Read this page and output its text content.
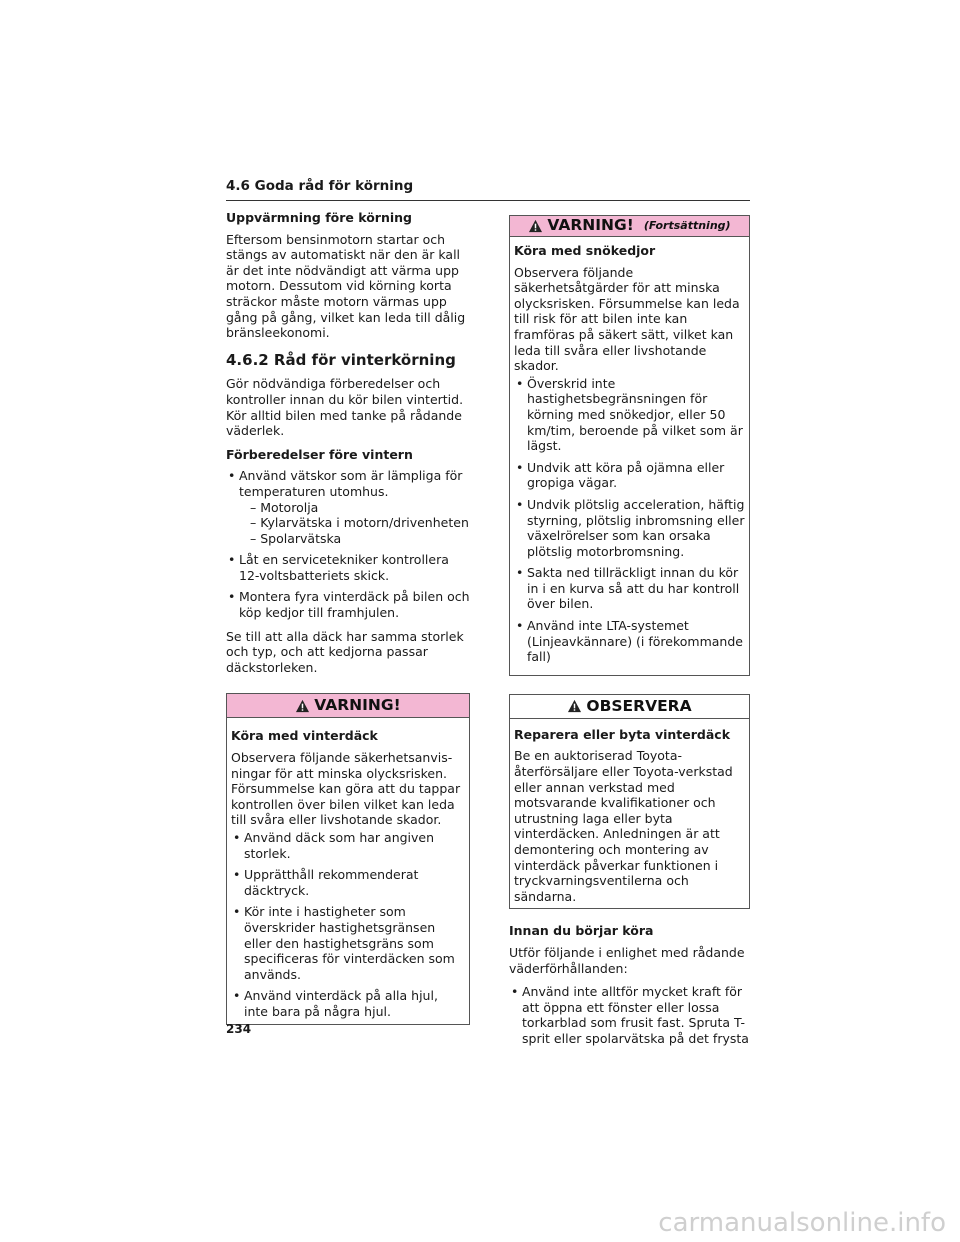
4.6 Goda råd för körning
Uppvärmning före körning

Eftersom bensinmotorn startar och stängs av automatiskt när den är kall är det inte nödvändigt att värma upp motorn. Dessutom vid körning korta sträckor måste motorn värmas upp gång på gång, vilket kan leda till dålig bränsleekonomi.

4.6.2 Råd för vinterkörning

Gör nödvändiga förberedelser och kontroller innan du kör bilen vintertid. Kör alltid bilen med tanke på rådande väderlek.

Förberedelser före vintern
• Använd vätskor som är lämpliga för temperaturen utomhus.
– Motorolja
– Kylarvätska i motorn/drivenheten
– Spolarvätska
• Låt en servicetekniker kontrollera 12-voltsbatteriets skick.
• Montera fyra vinterdäck på bilen och köp kedjor till framhjulen.

Se till att alla däck har samma storlek och typ, och att kedjorna passar däckstorleken.

VARNING!
Köra med vinterdäck

Observera följande säkerhetsanvis-ningar för att minska olycksrisken. Försummelse kan göra att du tappar kontrollen över bilen vilket kan leda till svåra eller livshotande skador.

• Använd däck som har angiven storlek.
• Upprätthåll rekommenderat däcktryck.
• Kör inte i hastigheter som överskrider hastighetsgränsen eller den hastighetsgräns som specificeras för vinterdäcken som används.
• Använd vinterdäck på alla hjul, inte bara på några hjul.
VARNING! (Fortsättning)
Köra med snökedjor

Observera följande säkerhetsåtgärder för att minska olycksrisken. Försummelse kan leda till risk för att bilen inte kan framföras på säkert sätt, vilket kan leda till svåra eller livshotande skador.

• Överskrid inte hastighetsbegränsningen för körning med snökedjor, eller 50 km/tim, beroende på vilket som är lägst.
• Undvik att köra på ojämna eller gropiga vägar.
• Undvik plötslig acceleration, häftig styrning, plötslig inbromsning eller växelrörelser som kan orsaka plötslig motorbromsning.
• Sakta ned tillräckligt innan du kör in i en kurva så att du har kontroll över bilen.
• Använd inte LTA-systemet (Linjeavkännare) (i förekommande fall)
OBSERVERA
Reparera eller byta vinterdäck

Be en auktoriserad Toyota-återförsäljare eller Toyota-verkstad eller annan verkstad med motsvarande kvalifikationer och utrustning laga eller byta vinterdäcken. Anledningen är att demontering och montering av vinterdäck påverkar funktionen i tryckvarningsventilerna och sändarna.

Innan du börjar köra

Utför följande i enlighet med rådande väderförhållanden:

• Använd inte alltför mycket kraft för att öppna ett fönster eller lossa torkarblad som frusit fast. Spruta T-sprit eller spolarvätska på det frysta
234
carmanualsonline.info
